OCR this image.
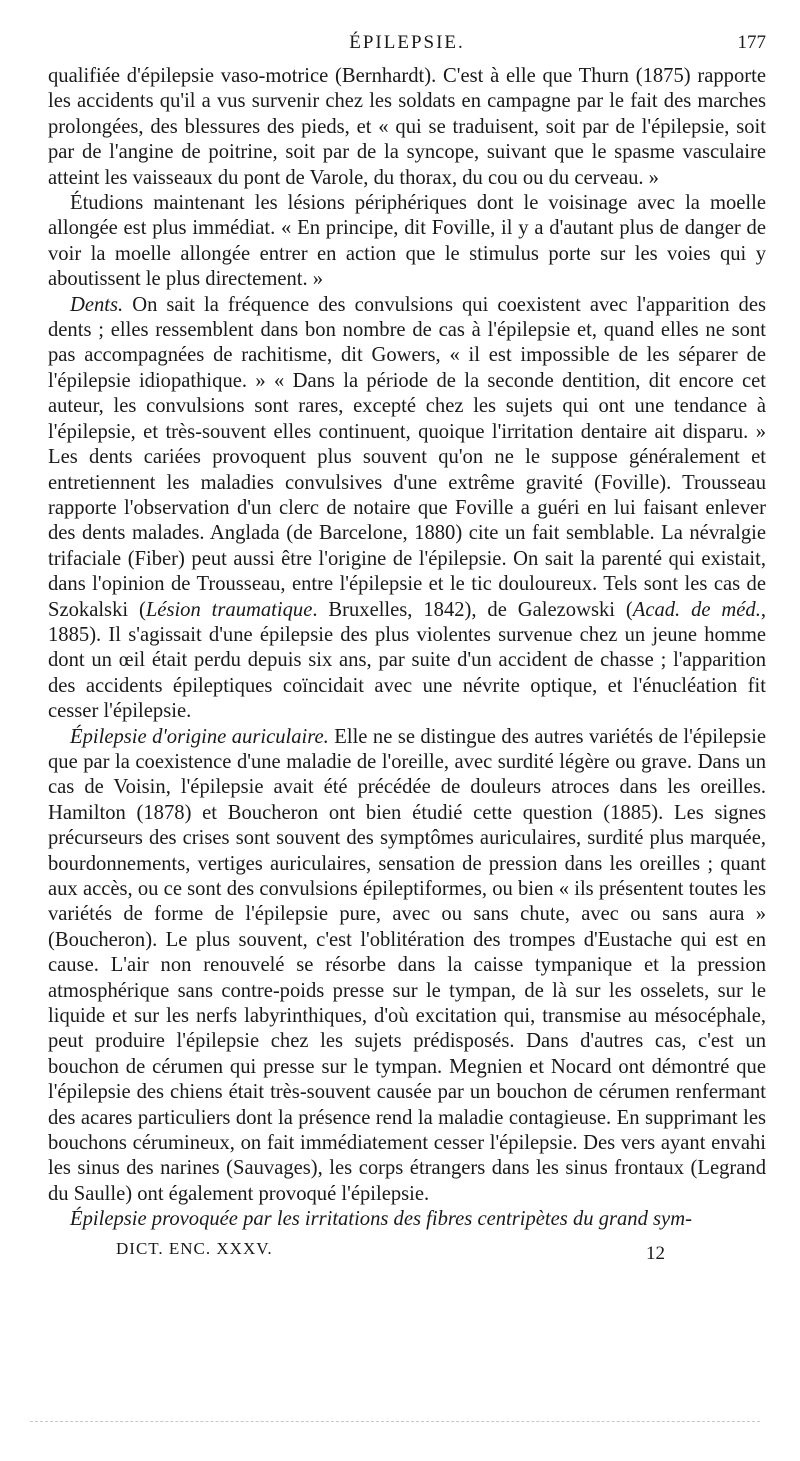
ÉPILEPSIE.	177

qualifiée d'épilepsie vaso-motrice (Bernhardt). C'est à elle que Thurn (1875) rapporte les accidents qu'il a vus survenir chez les soldats en campagne par le fait des marches prolongées, des blessures des pieds, et « qui se traduisent, soit par de l'épilepsie, soit par de l'angine de poitrine, soit par de la syncope, suivant que le spasme vasculaire atteint les vaisseaux du pont de Varole, du thorax, du cou ou du cerveau. »

Étudions maintenant les lésions périphériques dont le voisinage avec la moelle allongée est plus immédiat. « En principe, dit Foville, il y a d'autant plus de danger de voir la moelle allongée entrer en action que le stimulus porte sur les voies qui y aboutissent le plus directement. »

Dents. On sait la fréquence des convulsions qui coexistent avec l'apparition des dents ; elles ressemblent dans bon nombre de cas à l'épilepsie et, quand elles ne sont pas accompagnées de rachitisme, dit Gowers, « il est impossible de les séparer de l'épilepsie idiopathique. » « Dans la période de la seconde dentition, dit encore cet auteur, les convulsions sont rares, excepté chez les sujets qui ont une tendance à l'épilepsie, et très-souvent elles continuent, quoique l'irritation dentaire ait disparu. » Les dents cariées provoquent plus souvent qu'on ne le suppose généralement et entretiennent les maladies convulsives d'une extrême gravité (Foville). Trousseau rapporte l'observation d'un clerc de notaire que Foville a guéri en lui faisant enlever des dents malades. Anglada (de Barcelone, 1880) cite un fait semblable. La névralgie trifaciale (Fiber) peut aussi être l'origine de l'épilepsie. On sait la parenté qui existait, dans l'opinion de Trousseau, entre l'épilepsie et le tic douloureux. Tels sont les cas de Szokalski (Lésion traumatique. Bruxelles, 1842), de Galezowski (Acad. de méd., 1885). Il s'agissait d'une épilepsie des plus violentes survenue chez un jeune homme dont un œil était perdu depuis six ans, par suite d'un accident de chasse ; l'apparition des accidents épileptiques coïncidait avec une névrite optique, et l'énucléation fit cesser l'épilepsie.

Épilepsie d'origine auriculaire. Elle ne se distingue des autres variétés de l'épilepsie que par la coexistence d'une maladie de l'oreille, avec surdité légère ou grave. Dans un cas de Voisin, l'épilepsie avait été précédée de douleurs atroces dans les oreilles. Hamilton (1878) et Boucheron ont bien étudié cette question (1885). Les signes précurseurs des crises sont souvent des symptômes auriculaires, surdité plus marquée, bourdonnements, vertiges auriculaires, sensation de pression dans les oreilles ; quant aux accès, ou ce sont des convulsions épileptiformes, ou bien « ils présentent toutes les variétés de forme de l'épilepsie pure, avec ou sans chute, avec ou sans aura » (Boucheron). Le plus souvent, c'est l'oblitération des trompes d'Eustache qui est en cause. L'air non renouvelé se résorbe dans la caisse tympanique et la pression atmosphérique sans contre-poids presse sur le tympan, de là sur les osselets, sur le liquide et sur les nerfs labyrinthiques, d'où excitation qui, transmise au mésocéphale, peut produire l'épilepsie chez les sujets prédisposés. Dans d'autres cas, c'est un bouchon de cérumen qui presse sur le tympan. Megnien et Nocard ont démontré que l'épilepsie des chiens était très-souvent causée par un bouchon de cérumen renfermant des acares particuliers dont la présence rend la maladie contagieuse. En supprimant les bouchons cérumineux, on fait immédiatement cesser l'épilepsie. Des vers ayant envahi les sinus des narines (Sauvages), les corps étrangers dans les sinus frontaux (Legrand du Saulle) ont également provoqué l'épilepsie.

Épilepsie provoquée par les irritations des fibres centripètes du grand sym-

DICT. ENC. XXXV.	12
